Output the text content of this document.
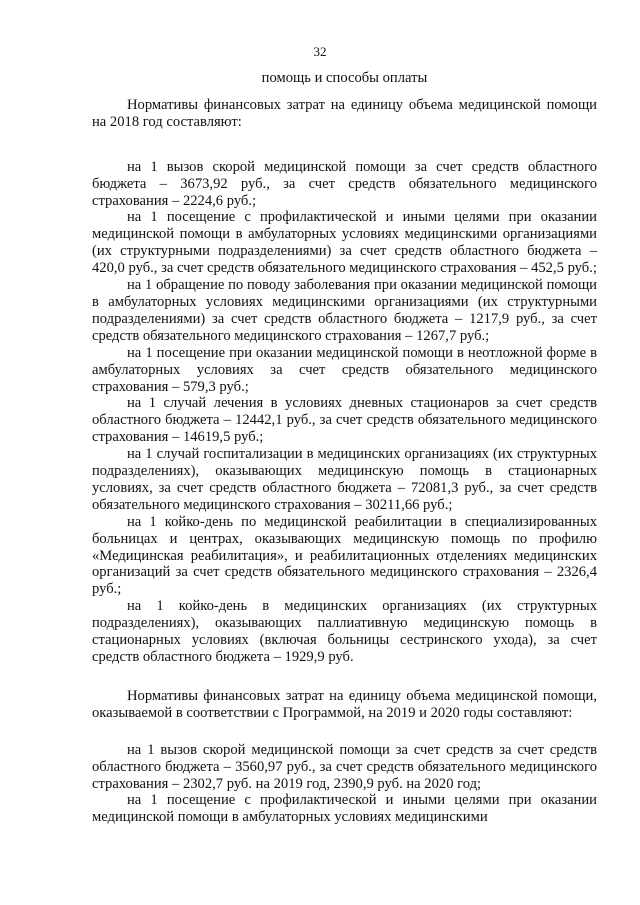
32
помощь и способы оплаты

Нормативы финансовых затрат на единицу объема медицинской помощи на 2018 год составляют:

на 1 вызов скорой медицинской помощи за счет средств областного бюджета – 3673,92 руб., за счет средств обязательного медицинского страхования – 2224,6 руб.;

на 1 посещение с профилактической и иными целями при оказании медицинской помощи в амбулаторных условиях медицинскими организациями (их структурными подразделениями) за счет средств областного бюджета – 420,0 руб., за счет средств обязательного медицинского страхования – 452,5 руб.;

на 1 обращение по поводу заболевания при оказании медицинской помощи в амбулаторных условиях медицинскими организациями (их структурными подразделениями) за счет средств областного бюджета – 1217,9 руб., за счет средств обязательного медицинского страхования – 1267,7 руб.;

на 1 посещение при оказании медицинской помощи в неотложной форме в амбулаторных условиях за счет средств обязательного медицинского страхования – 579,3 руб.;

на 1 случай лечения в условиях дневных стационаров за счет средств областного бюджета – 12442,1 руб., за счет средств обязательного медицинского страхования – 14619,5 руб.;

на 1 случай госпитализации в медицинских организациях (их структурных подразделениях), оказывающих медицинскую помощь в стационарных условиях, за счет средств областного бюджета – 72081,3 руб., за счет средств обязательного медицинского страхования – 30211,66 руб.;

на 1 койко-день по медицинской реабилитации в специализированных больницах и центрах, оказывающих медицинскую помощь по профилю «Медицинская реабилитация», и реабилитационных отделениях медицинских организаций за счет средств обязательного медицинского страхования – 2326,4 руб.;

на 1 койко-день в медицинских организациях (их структурных подразделениях), оказывающих паллиативную медицинскую помощь в стационарных условиях (включая больницы сестринского ухода), за счет средств областного бюджета – 1929,9 руб.

Нормативы финансовых затрат на единицу объема медицинской помощи, оказываемой в соответствии с Программой, на 2019 и 2020 годы составляют:

на 1 вызов скорой медицинской помощи за счет средств за счет средств областного бюджета – 3560,97 руб., за счет средств обязательного медицинского страхования – 2302,7 руб. на 2019 год, 2390,9 руб. на 2020 год;

на 1 посещение с профилактической и иными целями при оказании медицинской помощи в амбулаторных условиях медицинскими
